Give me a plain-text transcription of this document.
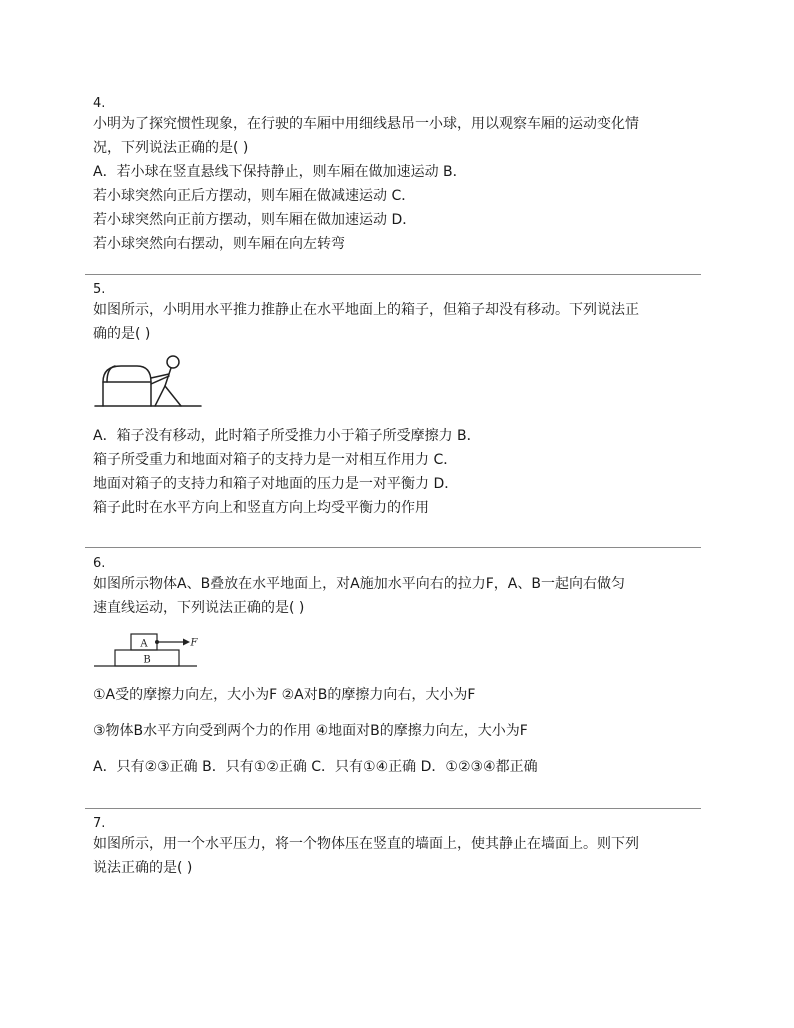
4.

小明为了探究惯性现象，在行驶的车厢中用细线悬吊一小球，用以观察车厢的运动变化情

况，下列说法正确的是( )

A．若小球在竖直悬线下保持静止，则车厢在做加速运动 B．

若小球突然向正后方摆动，则车厢在做减速运动 C．

若小球突然向正前方摆动，则车厢在做加速运动 D．

若小球突然向右摆动，则车厢在向左转弯

5.

如图所示，小明用水平推力推静止在水平地面上的箱子，但箱子却没有移动。下列说法正

确的是( )

A．箱子没有移动，此时箱子所受推力小于箱子所受摩擦力 B．

箱子所受重力和地面对箱子的支持力是一对相互作用力 C．

地面对箱子的支持力和箱子对地面的压力是一对平衡力 D．

箱子此时在水平方向上和竖直方向上均受平衡力的作用

6.

如图所示物体A、B叠放在水平地面上，对A施加水平向右的拉力F，A、B一起向右做匀

速直线运动，下列说法正确的是( )

A
B
F

①A受的摩擦力向左，大小为F ②A对B的摩擦力向右，大小为F

③物体B水平方向受到两个力的作用 ④地面对B的摩擦力向左，大小为F

A．只有②③正确 B．只有①②正确 C．只有①④正确 D．①②③④都正确

7.

如图所示，用一个水平压力，将一个物体压在竖直的墙面上，使其静止在墙面上。则下列

说法正确的是( )
